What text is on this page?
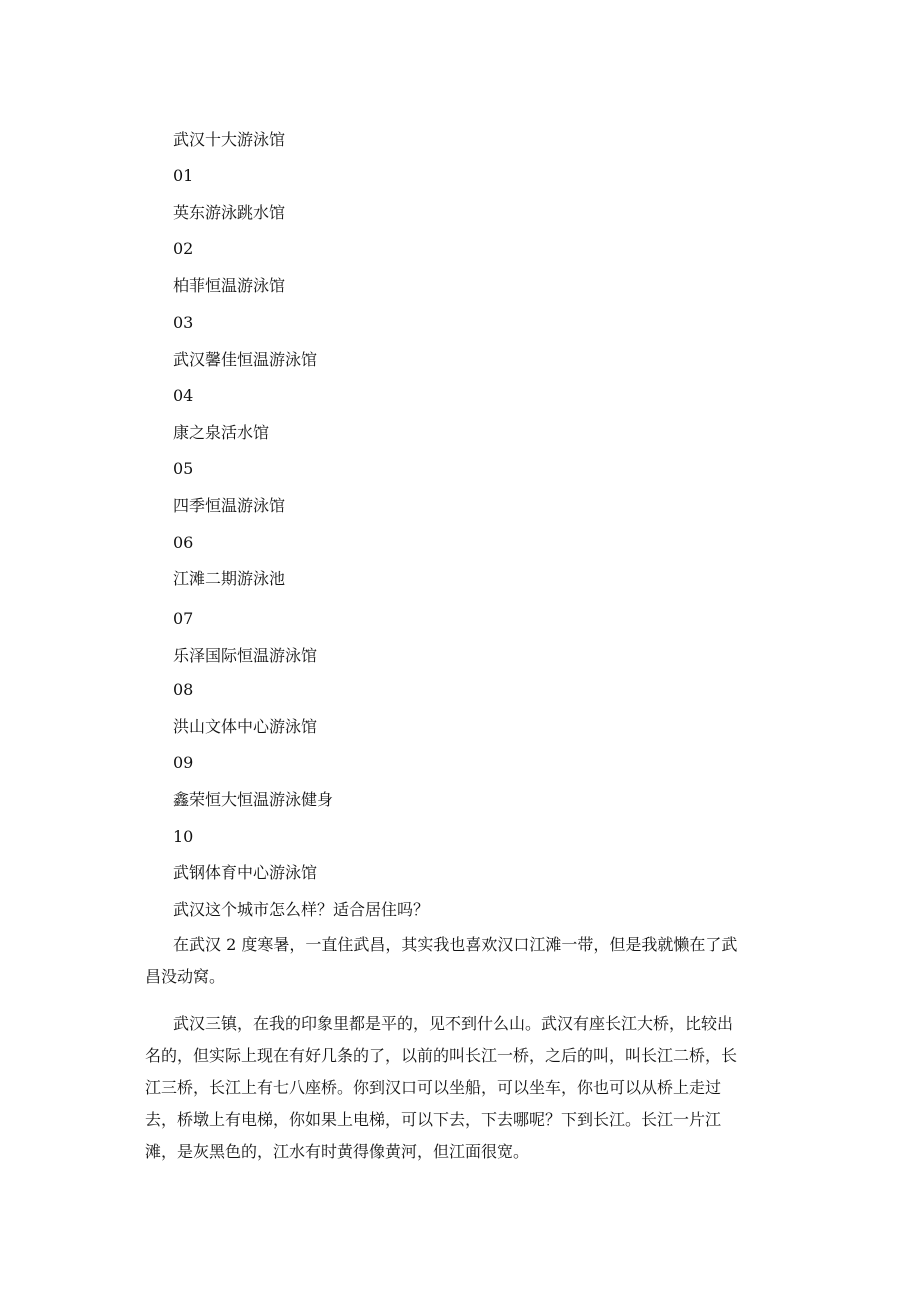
武汉十大游泳馆
01
英东游泳跳水馆
02
柏菲恒温游泳馆
03
武汉馨佳恒温游泳馆
04
康之泉活水馆
05
四季恒温游泳馆
06
江滩二期游泳池
07
乐泽国际恒温游泳馆
08
洪山文体中心游泳馆
09
鑫荣恒大恒温游泳健身
10
武钢体育中心游泳馆
武汉这个城市怎么样？适合居住吗？
在武汉 2 度寒暑，一直住武昌，其实我也喜欢汉口江滩一带，但是我就懒在了武
昌没动窝。
武汉三镇，在我的印象里都是平的，见不到什么山。武汉有座长江大桥，比较出
名的，但实际上现在有好几条的了，以前的叫长江一桥，之后的叫，叫长江二桥，长
江三桥，长江上有七八座桥。你到汉口可以坐船，可以坐车，你也可以从桥上走过
去，桥墩上有电梯，你如果上电梯，可以下去，下去哪呢？下到长江。长江一片江
滩，是灰黑色的，江水有时黄得像黄河，但江面很宽。
